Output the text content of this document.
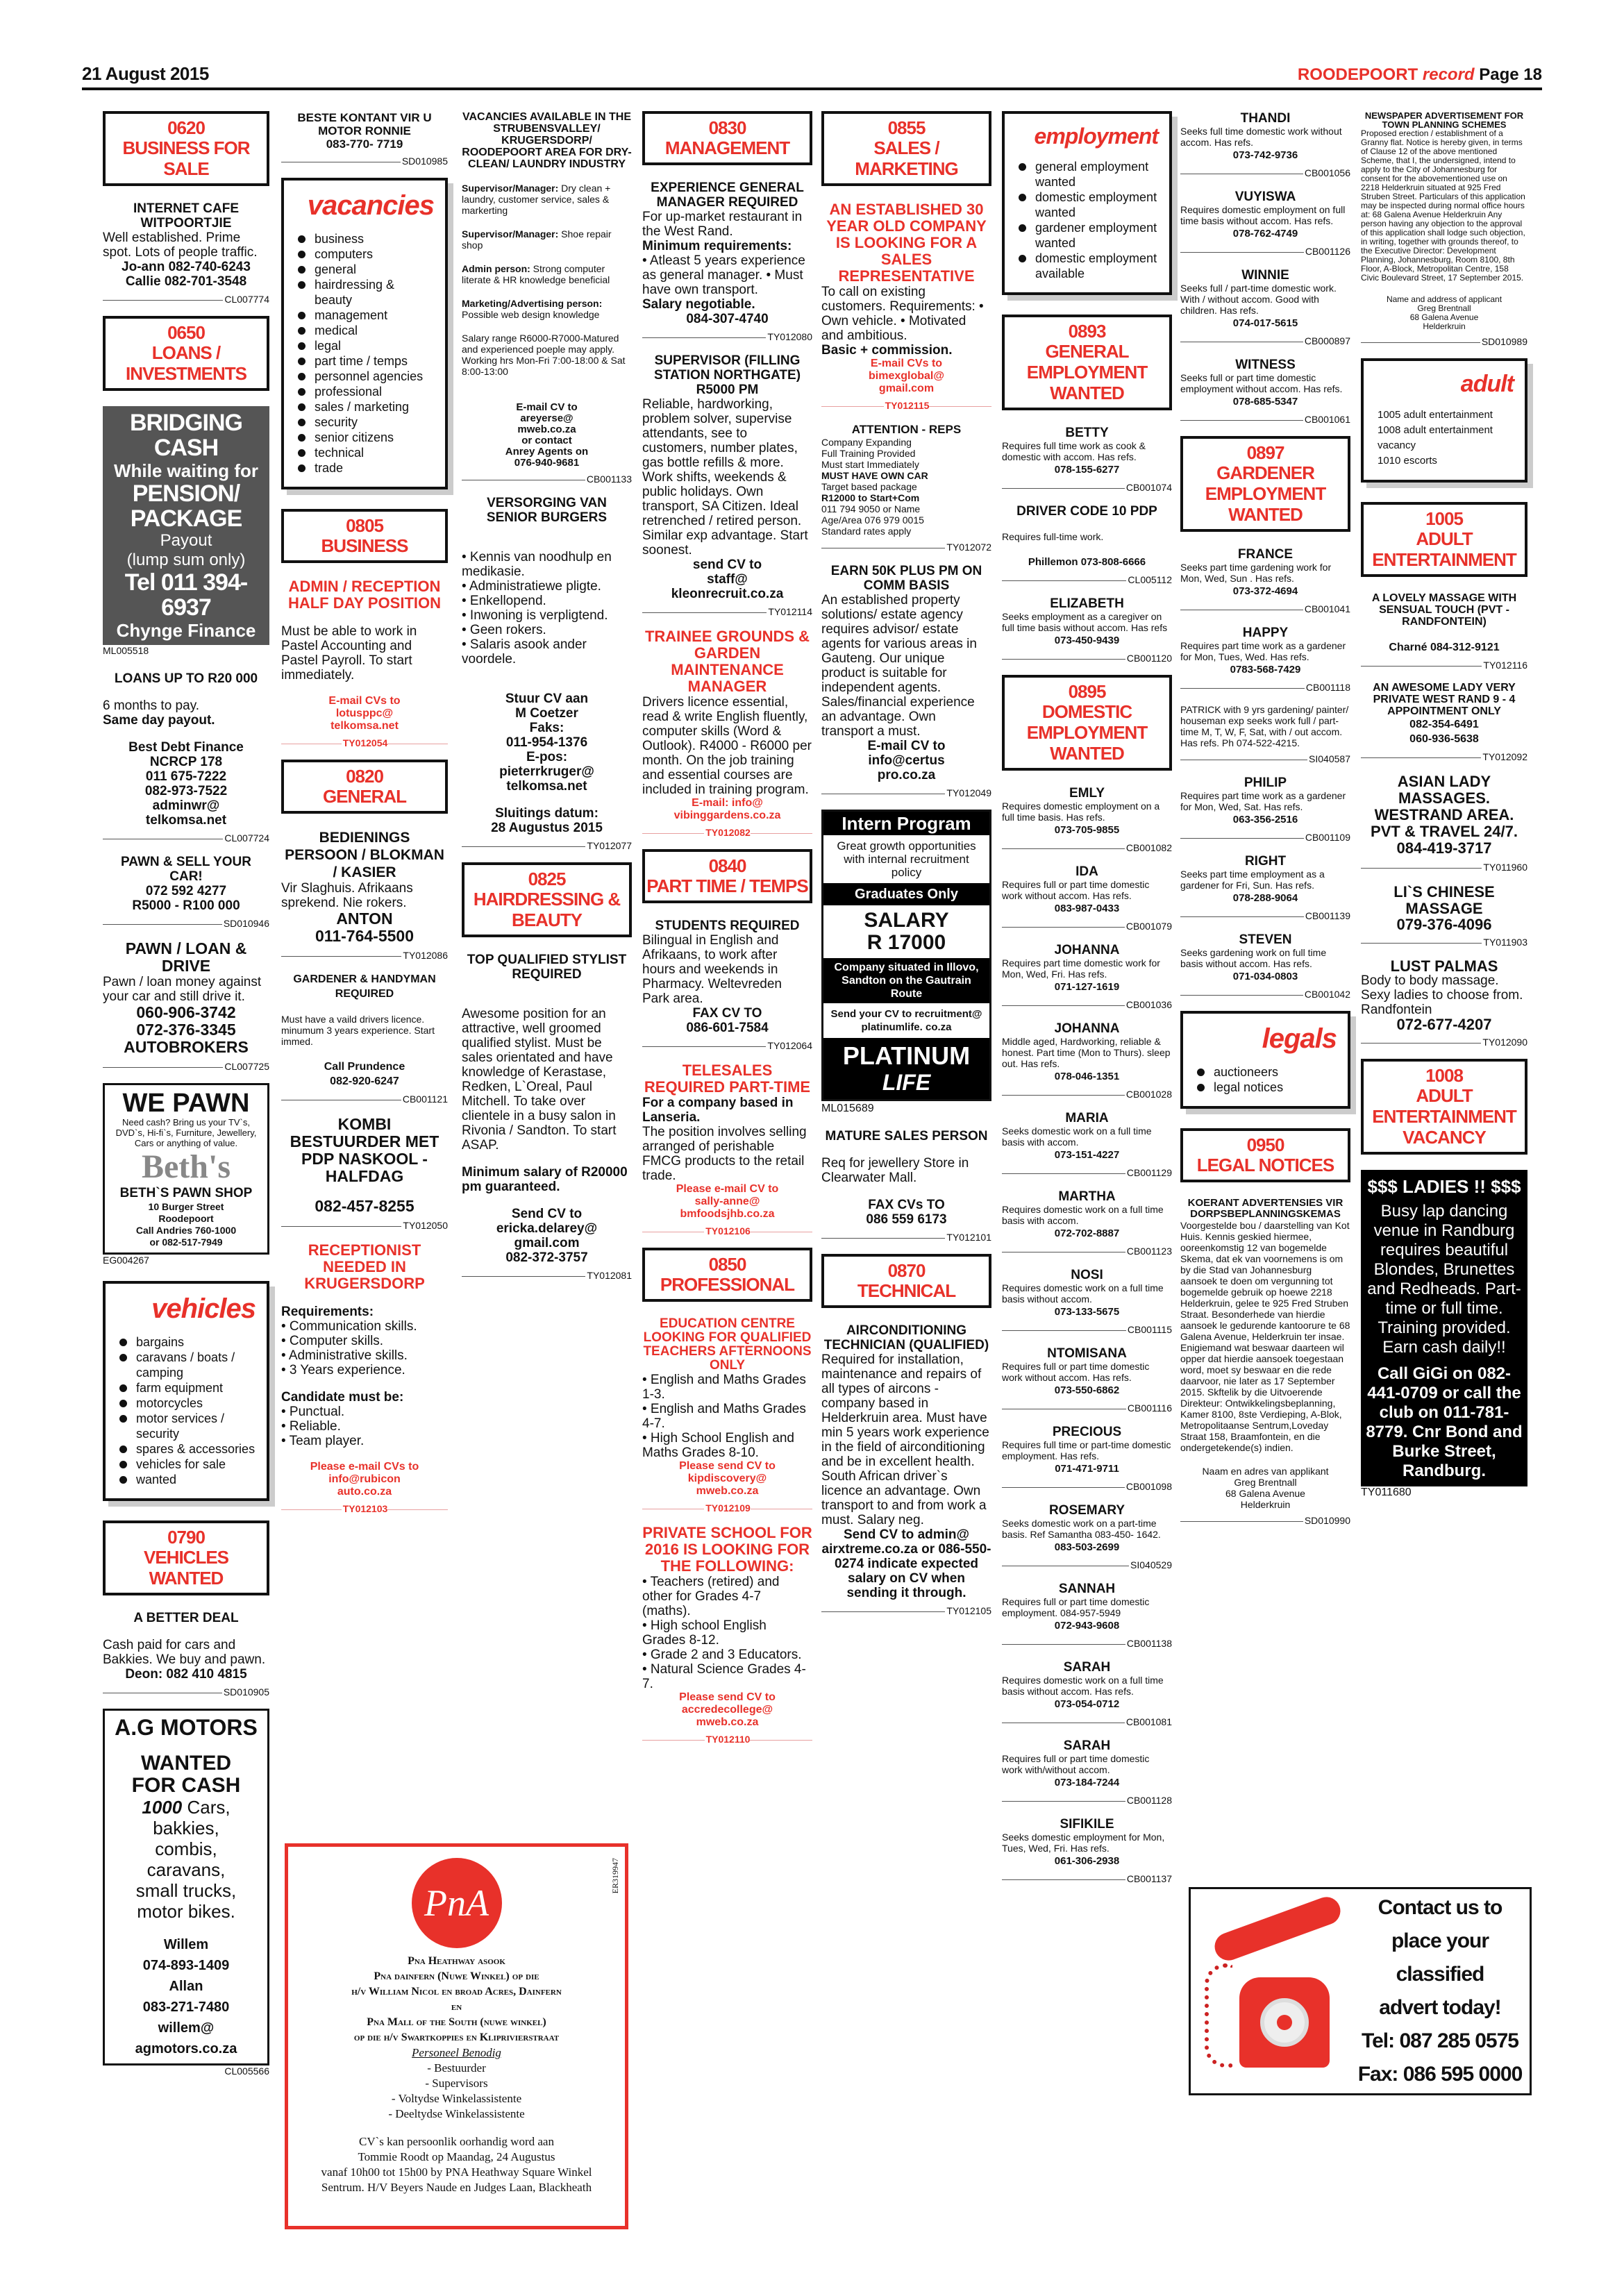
21 August 2015	ROODEPOORT record Page 18
0620
BUSINESS FOR SALE
INTERNET CAFE
WITPOORTJIE
Well established. Prime spot. Lots of people traffic.
Jo-ann 082-740-6243
Callie 082-701-3548
CL007774
0650
LOANS / INVESTMENTS
BRIDGING CASH
While waiting for
PENSION/
PACKAGE
Payout
(lump sum only)
Tel 011 394-6937
Chynge Finance
ML005518
LOANS UP TO R20 000

6 months to pay.
Same day payout.

Best Debt Finance
NCRCP 178
011 675-7222
082-973-7522
adminwr@
telkomsa.net
CL007724
PAWN & SELL YOUR CAR!
072 592 4277
R5000 - R100 000
SD010946
PAWN / LOAN & DRIVE
Pawn / loan money against your car and still drive it.
060-906-3742
072-376-3345
AUTOBROKERS
CL007725
WE PAWN
Need cash? Bring us your TV`s, DVD`s, Hi-fi`s, Furniture, Jewellery, Cars or anything of value.
Beth's
BETH`S PAWN SHOP
10 Burger Street
Roodepoort
Call Andries 760-1000
or 082-517-7949
EG004267
vehicles
bargains
caravans / boats / camping
farm equipment
motorcycles
motor services / security
spares & accessories
vehicles for sale
wanted
0790
VEHICLES WANTED
A BETTER DEAL

Cash paid for cars and Bakkies. We buy and pawn.
Deon: 082 410 4815
SD010905
A.G MOTORS

WANTED
FOR CASH
1000 Cars,
bakkies,
combis,
caravans,
small trucks,
motor bikes.

Willem
074-893-1409
Allan
083-271-7480
willem@
agmotors.co.za
CL005566
BESTE KONTANT VIR U
MOTOR RONNIE
083-770- 7719
SD010985
vacancies
business
computers
general
hairdressing & beauty
management
medical
legal
part time / temps
personnel agencies
professional
sales / marketing
security
senior citizens
technical
trade
0805
BUSINESS
ADMIN / RECEPTION HALF DAY POSITION

Must be able to work in Pastel Accounting and Pastel Payroll. To start immediately.

E-mail CVs to
lotusppc@
telkomsa.net
TY012054
0820
GENERAL
BEDIENINGS PERSOON / BLOKMAN / KASIER
Vir Slaghuis. Afrikaans sprekend. Nie rokers.
ANTON
011-764-5500
TY012086
GARDENER & HANDYMAN REQUIRED

Must have a vaild drivers licence. minumum 3 years experience. Start immed.

Call Prundence
082-920-6247
CB001121
KOMBI BESTUURDER MET PDP NASKOOL - HALFDAG

082-457-8255
TY012050
RECEPTIONIST NEEDED IN KRUGERSDORP

Requirements:
• Communication skills.
• Computer skills.
• Administrative skills.
• 3 Years experience.

Candidate must be:
• Punctual.
• Reliable.
• Team player.

Please e-mail CVs to
info@rubicon
auto.co.za
TY012103
VACANCIES AVAILABLE IN THE STRUBENSVALLEY/ KRUGERSDORP/ ROODEPOORT AREA FOR DRY-CLEAN/ LAUNDRY INDUSTRY

Supervisor/Manager: Dry clean + laundry, customer service, sales & markerting

Supervisor/Manager: Shoe repair shop

Admin person: Strong computer literate & HR knowledge beneficial

Marketing/Advertising person: Possible web design knowledge

Salary range R6000-R7000-Matured and experienced poeple may apply.
Working hrs Mon-Fri 7:00-18:00 & Sat 8:00-13:00

E-mail CV to
areyerse@
mweb.co.za
or contact
Anrey Agents on
076-940-9681
CB001133
VERSORGING VAN SENIOR BURGERS

• Kennis van noodhulp en medikasie.
• Administratiewe pligte.
• Enkellopend.
• Inwoning is verpligtend.
• Geen rokers.
• Salaris asook ander voordele.

Stuur CV aan
M Coetzer
Faks:
011-954-1376
E-pos:
pieterrkruger@
telkomsa.net

Sluitings datum:
28 Augustus 2015
TY012077
0825
HAIRDRESSING & BEAUTY
TOP QUALIFIED STYLIST REQUIRED

Awesome position for an attractive, well groomed qualified stylist. Must be sales orientated and have knowledge of Kerastase, Redken, L`Oreal, Paul Mitchell. To take over clientele in a busy salon in Rivonia / Sandton. To start ASAP.

Minimum salary of R20000 pm guaranteed.

Send CV to
ericka.delarey@
gmail.com
082-372-3757
TY012081
ER319947
PnA
Pna Heathway asook
Pna dainfern (Nuwe Winkel) op die
h/v William Nicol en broad Acres, Dainfern
en
Pna Mall of the South (nuwe winkel)
op die h/v Swartkoppies en Kliprivierstraat
Personeel Benodig
- Bestuurder
- Supervisors
- Voltydse Winkelassistente
- Deeltydse Winkelassistente

CV`s kan persoonlik oorhandig word aan
Tommie Roodt op Maandag, 24 Augustus
vanaf 10h00 tot 15h00 by PNA Heathway Square Winkel
Sentrum. H/V Beyers Naude en Judges Laan, Blackheath
0830
MANAGEMENT
EXPERIENCE GENERAL MANAGER REQUIRED
For up-market restaurant in the West Rand.
Minimum requirements:
• Atleast 5 years experience as general manager. • Must have own transport.
Salary negotiable.
084-307-4740
TY012080
SUPERVISOR (FILLING STATION NORTHGATE) R5000 PM
Reliable, hardworking, problem solver, supervise attendants, see to customers, number plates, gas bottle refills & more. Work shifts, weekends & public holidays. Own transport, SA Citizen. Ideal retrenched / retired person. Similar exp advantage. Start soonest.
send CV to
staff@
kleonrecruit.co.za
TY012114
TRAINEE GROUNDS & GARDEN MAINTENANCE MANAGER
Drivers licence essential, read & write English fluently, computer skills (Word & Outlook). R4000 - R6000 per month. On the job training and essential courses are included in training program.
E-mail: info@
vibinggardens.co.za
TY012082
0840
PART TIME / TEMPS
STUDENTS REQUIRED
Bilingual in English and Afrikaans, to work after hours and weekends in Pharmacy. Weltevreden Park area.
FAX CV TO
086-601-7584
TY012064
TELESALES REQUIRED PART-TIME
For a company based in Lanseria.
The position involves selling arranged of perishable FMCG products to the retail trade.
Please e-mail CV to
sally-anne@
bmfoodsjhb.co.za
TY012106
0850
PROFESSIONAL
EDUCATION CENTRE LOOKING FOR QUALIFIED TEACHERS AFTERNOONS ONLY
• English and Maths Grades 1-3.
• English and Maths Grades 4-7.
• High School English and Maths Grades 8-10.
Please send CV to
kipdiscovery@
mweb.co.za
TY012109
PRIVATE SCHOOL FOR 2016 IS LOOKING FOR THE FOLLOWING:
• Teachers (retired) and other for Grades 4-7 (maths).
• High school English Grades 8-12.
• Grade 2 and 3 Educators.
• Natural Science Grades 4-7.
Please send CV to
accredecollege@
mweb.co.za
TY012110
0855
SALES / MARKETING
AN ESTABLISHED 30 YEAR OLD COMPANY IS LOOKING FOR A SALES REPRESENTATIVE
To call on existing customers. Requirements: • Own vehicle. • Motivated and ambitious.
Basic + commission.
E-mail CVs to
bimexglobal@
gmail.com
TY012115
ATTENTION - REPS
Company Expanding
Full Training Provided
Must start Immediately
MUST HAVE OWN CAR
Target based package
R12000 to Start+Com
011 794 9050 or Name
Age/Area 076 979 0015
Standard rates apply
TY012072
EARN 50K PLUS PM ON COMM BASIS
An established property solutions/ estate agency requires advisor/ estate agents for various areas in Gauteng. Our unique product is suitable for independent agents. Sales/financial experience an advantage. Own transport a must.
E-mail CV to
info@certus
pro.co.za
TY012049
Intern Program
Great growth opportunities with internal recruitment policy
Graduates Only
SALARY
R 17000
Company situated in Illovo, Sandton on the Gautrain Route
Send your CV to recruitment@ platinumlife. co.za
PLATINUM
LIFE
ML015689
MATURE SALES PERSON

Req for jewellery Store in Clearwater Mall.

FAX CVs TO
086 559 6173
TY012101
0870
TECHNICAL
AIRCONDITIONING TECHNICIAN (QUALIFIED)
Required for installation, maintenance and repairs of all types of aircons - company based in Helderkruin area. Must have min 5 years work experience in the field of airconditioning and be in excellent health. South African driver`s licence an advantage. Own transport to and from work a must. Salary neg.
Send CV to admin@ airxtreme.co.za or 086-550-0274 indicate expected salary on CV when sending it through.
TY012105
employment
general employment wanted
domestic employment wanted
gardener employment wanted
domestic employment available
0893
GENERAL EMPLOYMENT WANTED
BETTY
Requires full time work as cook & domestic with accom. Has refs.
078-155-6277
CB001074
DRIVER CODE 10 PDP

Requires full-time work.

Phillemon 073-808-6666
CL005112
ELIZABETH
Seeks employment as a caregiver on full time basis without accom. Has refs
073-450-9439
CB001120
0895
DOMESTIC EMPLOYMENT WANTED
EMLY
Requires domestic employment on a full time basis. Has refs.
073-705-9855
CB001082
IDA
Requires full or part time domestic work without accom. Has refs.
083-987-0433
CB001079
JOHANNA
Requires part time domestic work for Mon, Wed, Fri. Has refs.
071-127-1619
CB001036
JOHANNA
Middle aged, Hardworking, reliable & honest. Part time (Mon to Thurs). sleep out. Has refs.
078-046-1351
CB001028
MARIA
Seeks domestic work on a full time basis with accom.
073-151-4227
CB001129
MARTHA
Requires domestic work on a full time basis with accom.
072-702-8887
CB001123
NOSI
Requires domestic work on a full time basis without accom.
073-133-5675
CB001115
NTOMISANA
Requires full or part time domestic work without accom. Has refs.
073-550-6862
CB001116
PRECIOUS
Requires full time or part-time domestic employment. Has refs.
071-471-9711
CB001098
ROSEMARY
Seeks domestic work on a part-time basis. Ref Samantha 083-450- 1642.
083-503-2699
SI040529
SANNAH
Requires full or part time domestic employment. 084-957-5949
072-943-9608
CB001138
SARAH
Requires domestic work on a full time basis without accom. Has refs.
073-054-0712
CB001081
SARAH
Requires full or part time domestic work with/without accom.
073-184-7244
CB001128
SIFIKILE
Seeks domestic employment for Mon, Tues, Wed, Fri. Has refs.
061-306-2938
CB001137
THANDI
Seeks full time domestic work without accom. Has refs.
073-742-9736
CB001056
VUYISWA
Requires domestic employment on full time basis without accom. Has refs.
078-762-4749
CB001126
WINNIE
Seeks full / part-time domestic work. With / without accom. Good with children. Has refs.
074-017-5615
CB000897
WITNESS
Seeks full or part time domestic employment without accom. Has refs.
078-685-5347
CB001061
0897
GARDENER EMPLOYMENT WANTED
FRANCE
Seeks part time gardening work for Mon, Wed, Sun . Has refs.
073-372-4694
CB001041
HAPPY
Requires part time work as a gardener for Mon, Tues, Wed. Has refs.
0783-568-7429
CB001118
PATRICK with 9 yrs gardening/ painter/ houseman exp seeks work full / part-time M, T, W, F, Sat, with / out accom. Has refs. Ph 074-522-4215.
SI040587
PHILIP
Requires part time work as a gardener for Mon, Wed, Sat. Has refs.
063-356-2516
CB001109
RIGHT
Seeks part time employment as a gardener for Fri, Sun. Has refs.
078-288-9064
CB001139
STEVEN
Seeks gardening work on full time basis without accom. Has refs.
071-034-0803
CB001042
legals
auctioneers
legal notices
0950
LEGAL NOTICES
KOERANT ADVERTENSIES VIR DORPSBEPLANNINGSKEMAS
Voorgestelde bou / daarstelling van Kot Huis. Kennis geskied hiermee, ooreenkomstig 12 van bogemelde Skema, dat ek van voornemens is om by die Stad van Johannesburg aansoek te doen om vergunning tot bogemelde gebruik op hoewe 2218 Helderkruin, gelee te 925 Fred Struben Straat. Besonderhede van hierdie aansoek le gedurende kantoorure te 68 Galena Avenue, Helderkruin ter insae. Enigiemand wat beswaar daarteen wil opper dat hierdie aansoek toegestaan word, moet sy beswaar en die rede daarvoor, nie later as 17 September 2015. Skftelik by die Uitvoerende Direkteur: Ontwikkelingsbeplanning, Kamer 8100, 8ste Verdieping, A-Blok, Metropolitaanse Sentrum,Loveday Straat 158, Braamfontein, en die ondergetekende(s) indien.

Naam en adres van applikant
Greg Brentnall
68 Galena Avenue
Helderkruin
SD010990
NEWSPAPER ADVERTISEMENT FOR TOWN PLANNING SCHEMES
Proposed erection / establishment of a Granny flat. Notice is hereby given, in terms of Clause 12 of the above mentioned Scheme, that I, the undersigned, intend to apply to the City of Johannesburg for consent for the abovementioned use on 2218 Helderkruin situated at 925 Fred Struben Street. Particulars of this application may be inspected during normal office hours at: 68 Galena Avenue Helderkruin Any person having any objection to the approval of this application shall lodge such objection, in writing, together with grounds thereof, to the Executive Director: Development Planning, Johannesburg, Room 8100, 8th Floor, A-Block, Metropolitan Centre, 158 Civic Boulevard Street, 17 September 2015.

Name and address of applicant
Greg Brentnall
68 Galena Avenue
Helderkruin
SD010989
adult
1005 adult entertainment
1008 adult entertainment vacancy
1010 escorts
1005
ADULT ENTERTAINMENT
A LOVELY MASSAGE WITH SENSUAL TOUCH (PVT - RANDFONTEIN)

Charné 084-312-9121
TY012116
AN AWESOME LADY VERY PRIVATE WEST RAND 9 - 4 APPOINTMENT ONLY
082-354-6491
060-936-5638
TY012092
ASIAN LADY MASSAGES. WESTRAND AREA. PVT & TRAVEL 24/7. 084-419-3717
TY011960
LI`S CHINESE MASSAGE
079-376-4096
TY011903
LUST PALMAS
Body to body massage. Sexy ladies to choose from. Randfontein
072-677-4207
TY012090
1008
ADULT ENTERTAINMENT VACANCY
$$$ LADIES !! $$$
Busy lap dancing venue in Randburg requires beautiful Blondes, Brunettes and Redheads. Part-time or full time. Training provided. Earn cash daily!!
Call GiGi on 082-441-0709 or call the club on 011-781-8779. Cnr Bond and Burke Street, Randburg.
TY011680
Contact us to
place your classified
advert today!
Tel: 087 285 0575
Fax: 086 595 0000
